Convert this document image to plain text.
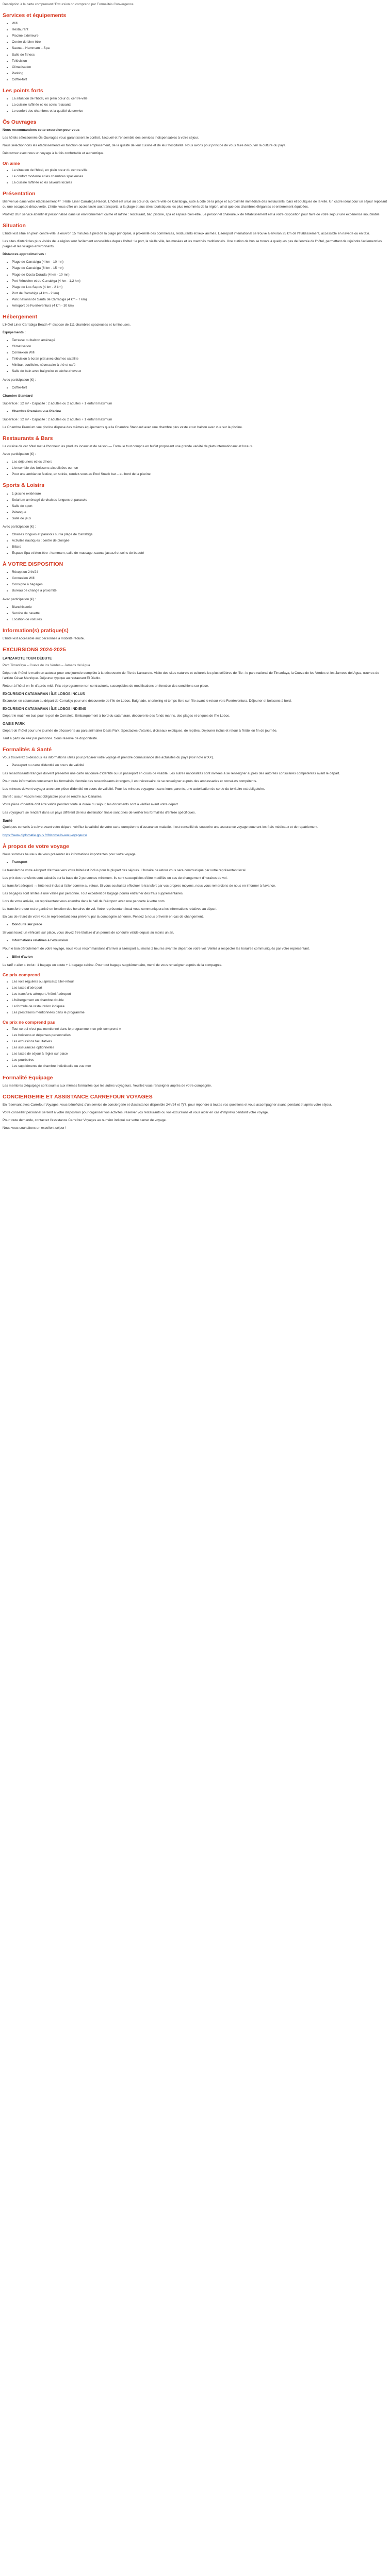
Description à la carte comprenant l'Excursion on comprend par Formalités Convergence

Services et équipements
• Wifi
• Restaurant
• Piscine extérieure
• Centre de bien-être
• Sauna – Hammam – Spa
• Salle de fitness
• Télévision
• Climatisation
• Parking
• Coffre-fort
Les points forts
• La situation de l'hôtel, en plein cœur du centre-ville
• La cuisine raffinée et les soins relaxants
• Le confort des chambres et la qualité du service
Ôs Ouvrages

Nous recommandons cette excursion pour vous

Les hôtels sélectionnés Ôs Ouvrages vous garantissent le confort, l'accueil et l'ensemble des services indispensables à votre séjour.

Nous sélectionnons les établissements en fonction de leur emplacement, de la qualité de leur cuisine et de leur hospitalité. Nous avons pour principe de vous faire découvrir la culture du pays.

Découvrez avec nous un voyage à la fois confortable et authentique.

On aime
• La situation de l'hôtel, en plein cœur du centre-ville
• Le confort moderne et les chambres spacieuses
• La cuisine raffinée et les saveurs locales
Présentation

Bienvenue dans votre établissement 4* : Hôtel Liner Carrabiga Resort. L'hôtel est situé au cœur du centre-ville de Carrabiga, juste à côté de la plage et à proximité immédiate des restaurants, bars et boutiques de la ville. Un cadre idéal pour un séjour reposant ou une escapade découverte. L'hôtel vous offre un accès facile aux transports, à la plage et aux sites touristiques les plus renommés de la région, ainsi que des chambres élégantes et entièrement équipées.

Profitez d'un service attentif et personnalisé dans un environnement calme et raffiné : restaurant, bar, piscine, spa et espace bien-être. Le personnel chaleureux de l'établissement est à votre disposition pour faire de votre séjour une expérience inoubliable.

Situation

L'hôtel est situé en plein centre-ville, à environ 15 minutes à pied de la plage principale, à proximité des commerces, restaurants et lieux animés. L'aéroport international se trouve à environ 25 km de l'établissement, accessible en navette ou en taxi.

Les sites d'intérêt les plus visités de la région sont facilement accessibles depuis l'hôtel : le port, la vieille ville, les musées et les marchés traditionnels. Une station de bus se trouve à quelques pas de l'entrée de l'hôtel, permettant de rejoindre facilement les plages et les villages environnants.

Distances approximatives :

• Plage de Carrabiga (4 km - 10 mn)
• Plage de Carrabiga (6 km - 15 mn)
• Plage de Costa Dorada (4 km - 10 mn)
• Port Vénézien et de Carrabiga (4 km - 1,2 km)
• Plage de Los Sapos (4 km - 2 km)
• Port de Carrabiga (4 km - 2 km)
• Parc national de Santa de Carrabiga (4 km - 7 km)
• Aéroport de Fuerteventura (4 km - 30 km)
Hébergement

L'Hôtel Liner Carrabiga Beach 4* dispose de 111 chambres spacieuses et lumineuses.

Équipements :

• Terrasse ou balcon aménagé
• Climatisation
• Connexion Wifi
• Télévision à écran plat avec chaînes satellite
• Minibar, bouilloire, nécessaire à thé et café
• Salle de bain avec baignoire et sèche-cheveux

Avec participation (€) :

• Coffre-fort

Chambre Standard

Superficie : 22 m² - Capacité : 2 adultes ou 2 adultes + 1 enfant maximum

• Chambre Premium vue Piscine

Superficie : 32 m² - Capacité : 2 adultes ou 2 adultes + 1 enfant maximum

La Chambre Premium vue piscine dispose des mêmes équipements que la Chambre Standard avec une chambre plus vaste et un balcon avec vue sur la piscine.

Restaurants & Bars

La cuisine de cet hôtel met à l'honneur les produits locaux et de saison — Formule tout compris en buffet proposant une grande variété de plats internationaux et locaux.

Avec participation (€) :

• Les déjeuners et les dîners
• L'ensemble des boissons alcoolisées ou non
• Pour une ambiance festive, en soirée, rendez-vous au Pool Snack bar – au bord de la piscine
Sports & Loisirs
• 1 piscine extérieure
• Solarium aménagé de chaises longues et parasols
• Salle de sport
• Pétanque
• Salle de jeux

Avec participation (€) :

• Chaises longues et parasols sur la plage de Carrabiga
• Activités nautiques : centre de plongée
• Billard
• Espace Spa et bien-être : hammam, salle de massage, sauna, jacuzzi et soins de beauté
À VOTRE DISPOSITION
• Réception 24h/24
• Connexion Wifi
• Consigne à bagages
• Bureau de change à proximité

Avec participation (€) :

• Blanchisserie
• Service de navette
• Location de voitures
Information(s) pratique(s)

L'hôtel est accessible aux personnes à mobilité réduite.

EXCURSIONS 2024-2025
LANZAROTE TOUR DÉBUTE

Parc Timanfaya – Cueva de los Verdes – Jameos del Agua

Départ de l'hôtel le matin en autocar pour une journée complète à la découverte de l'île de Lanzarote. Visite des sites naturels et culturels les plus célèbres de l'île : le parc national de Timanfaya, la Cueva de los Verdes et les Jameos del Agua, œuvres de l'artiste César Manrique. Déjeuner typique au restaurant El Diablo.

Retour à l'hôtel en fin d'après-midi. Prix et programme non contractuels, susceptibles de modifications en fonction des conditions sur place.

EXCURSION CATAMARAN / ÎLE LOBOS INCLUS

Excursion en catamaran au départ de Corralejo pour une découverte de l'île de Lobos. Baignade, snorkeling et temps libre sur l'île avant le retour vers Fuerteventura. Déjeuner et boissons à bord.

EXCURSION CATAMARAN / ÎLE LOBOS INDIENS

Départ le matin en bus pour le port de Corralejo. Embarquement à bord du catamaran, découverte des fonds marins, des plages et criques de l'île Lobos.

OASIS PARK

Départ de l'hôtel pour une journée de découverte au parc animalier Oasis Park. Spectacles d'otaries, d'oiseaux exotiques, de reptiles. Déjeuner inclus et retour à l'hôtel en fin de journée.

Tarif à partir de 44€ par personne. Sous réserve de disponibilité.

Formalités & Santé

Vous trouverez ci-dessous les informations utiles pour préparer votre voyage et prendre connaissance des actualités du pays (voir note n°XX).

• Passeport ou carte d'identité en cours de validité

Les ressortissants français doivent présenter une carte nationale d'identité ou un passeport en cours de validité. Les autres nationalités sont invitées à se renseigner auprès des autorités consulaires compétentes avant le départ.

Pour toute information concernant les formalités d'entrée des ressortissants étrangers, il est nécessaire de se renseigner auprès des ambassades et consulats compétents.

Les mineurs doivent voyager avec une pièce d'identité en cours de validité. Pour les mineurs voyageant sans leurs parents, une autorisation de sortie du territoire est obligatoire.

Santé : aucun vaccin n'est obligatoire pour se rendre aux Canaries.

Votre pièce d'identité doit être valide pendant toute la durée du séjour, les documents sont à vérifier avant votre départ.

Les voyageurs se rendant dans un pays différent de leur destination finale sont priés de vérifier les formalités d'entrée spécifiques.

Santé

Quelques conseils à suivre avant votre départ : vérifiez la validité de votre carte européenne d'assurance maladie. Il est conseillé de souscrire une assurance voyage couvrant les frais médicaux et de rapatriement.

https://www.diplomatie.gouv.fr/fr/conseils-aux-voyageurs/

À propos de votre voyage

Nous sommes heureux de vous présenter les informations importantes pour votre voyage.

• Transport

Le transfert de votre aéroport d'arrivée vers votre hôtel est inclus pour la plupart des séjours. L'horaire de retour vous sera communiqué par votre représentant local.

Les prix des transferts sont calculés sur la base de 2 personnes minimum. Ils sont susceptibles d'être modifiés en cas de changement d'horaires de vol.

Le transfert aéroport ↔ hôtel est inclus à l'aller comme au retour. Si vous souhaitez effectuer le transfert par vos propres moyens, nous vous remercions de nous en informer à l'avance.

Les bagages sont limités à une valise par personne. Tout excédent de bagage pourra entraîner des frais supplémentaires.

Lors de votre arrivée, un représentant vous attendra dans le hall de l'aéroport avec une pancarte à votre nom.

Le transfert retour est organisé en fonction des horaires de vol. Votre représentant local vous communiquera les informations relatives au départ.

En cas de retard de votre vol, le représentant sera prévenu par la compagnie aérienne. Pensez à nous prévenir en cas de changement.

• Conduite sur place

Si vous louez un véhicule sur place, vous devez être titulaire d'un permis de conduire valide depuis au moins un an.

• Informations relatives à l'excursion

Pour le bon déroulement de votre voyage, nous vous recommandons d'arriver à l'aéroport au moins 2 heures avant le départ de votre vol. Veillez à respecter les horaires communiqués par votre représentant.

• Billet d'avion

Le tarif « aller » inclut : 1 bagage en soute + 1 bagage cabine. Pour tout bagage supplémentaire, merci de vous renseigner auprès de la compagnie.

Ce prix comprend
• Les vols réguliers ou spéciaux aller-retour
• Les taxes d'aéroport
• Les transferts aéroport / hôtel / aéroport
• L'hébergement en chambre double
• La formule de restauration indiquée
• Les prestations mentionnées dans le programme
Ce prix ne comprend pas
• Tout ce qui n'est pas mentionné dans le programme « ce prix comprend »
• Les boissons et dépenses personnelles
• Les excursions facultatives
• Les assurances optionnelles
• Les taxes de séjour à régler sur place
• Les pourboires
• Les suppléments de chambre individuelle ou vue mer
Formalité Équipage

Les membres d'équipage sont soumis aux mêmes formalités que les autres voyageurs. Veuillez vous renseigner auprès de votre compagnie.

CONCIERGERIE ET ASSISTANCE CARREFOUR VOYAGES

En réservant avec Carrefour Voyages, vous bénéficiez d'un service de conciergerie et d'assistance disponible 24h/24 et 7j/7, pour répondre à toutes vos questions et vous accompagner avant, pendant et après votre séjour.

Votre conseiller personnel se tient à votre disposition pour organiser vos activités, réserver vos restaurants ou vos excursions et vous aider en cas d'imprévu pendant votre voyage.

Pour toute demande, contactez l'assistance Carrefour Voyages au numéro indiqué sur votre carnet de voyage.

Nous vous souhaitons un excellent séjour !
